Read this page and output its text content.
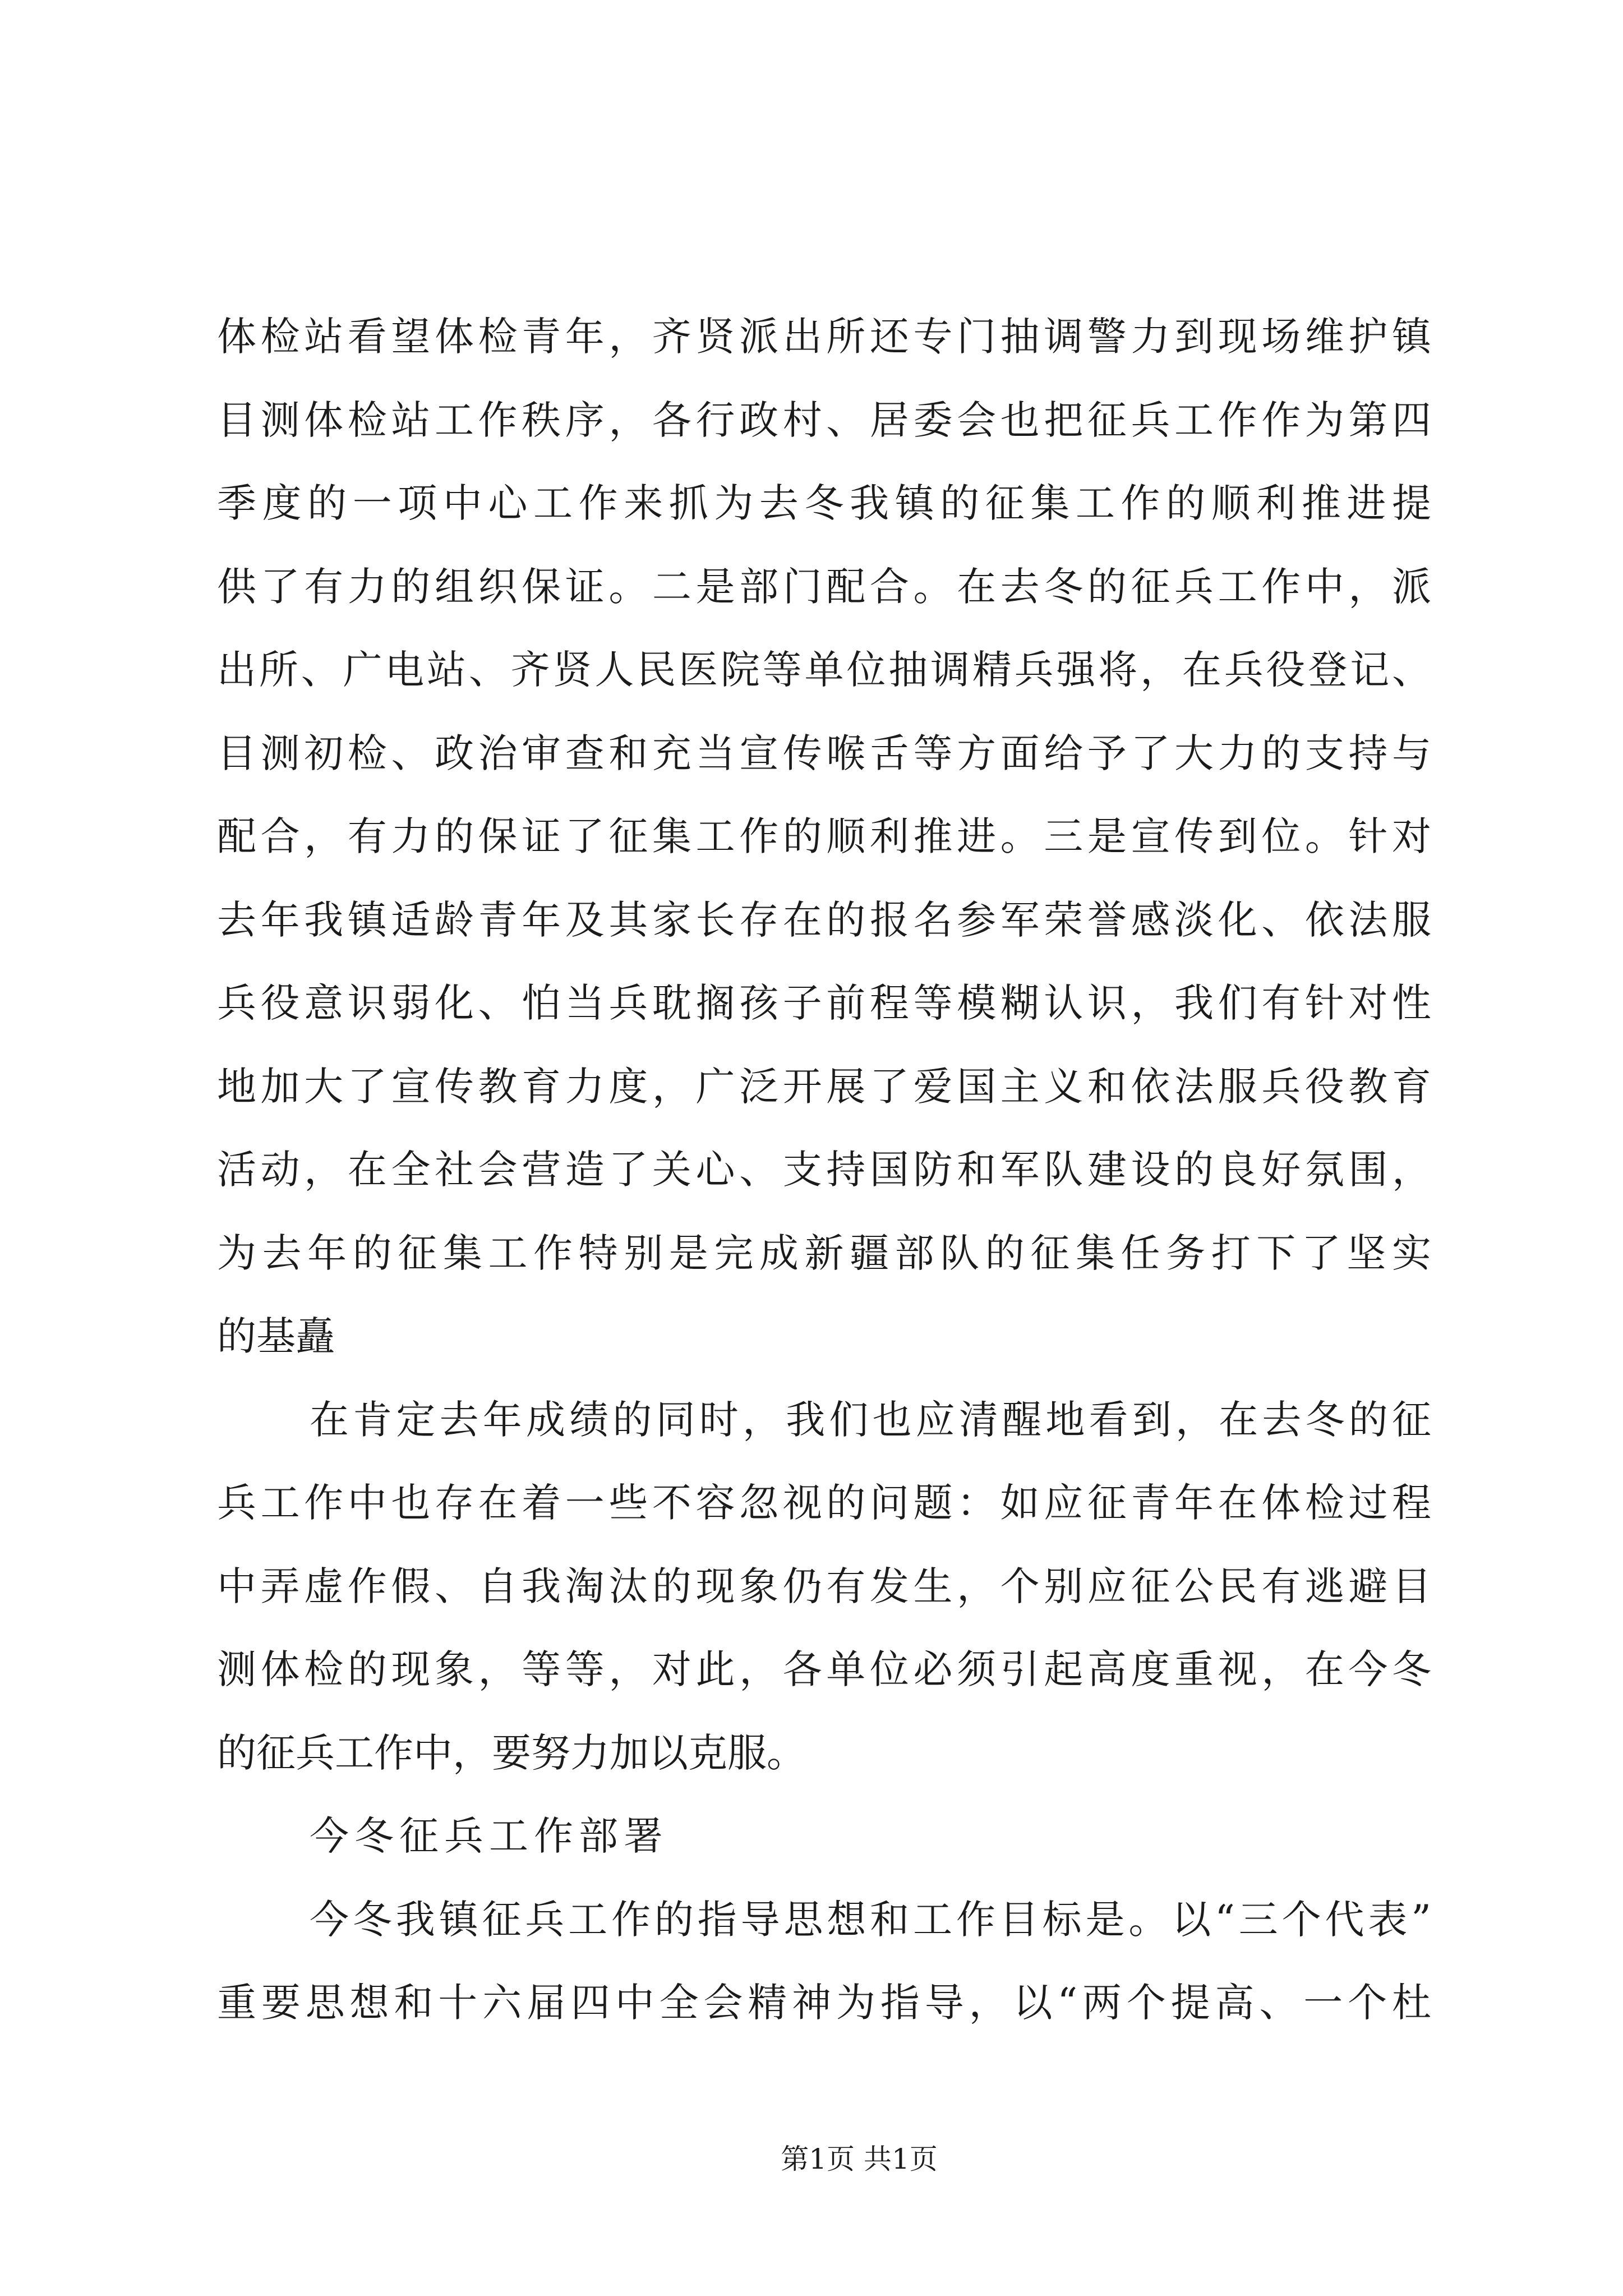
体检站看望体检青年，齐贤派出所还专门抽调警力到现场维护镇
目测体检站工作秩序，各行政村、居委会也把征兵工作作为第四
季度的一项中心工作来抓为去冬我镇的征集工作的顺利推进提
供了有力的组织保证。二是部门配合。在去冬的征兵工作中，派
出所、广电站、齐贤人民医院等单位抽调精兵强将，在兵役登记、
目测初检、政治审查和充当宣传喉舌等方面给予了大力的支持与
配合，有力的保证了征集工作的顺利推进。三是宣传到位。针对
去年我镇适龄青年及其家长存在的报名参军荣誉感淡化、依法服
兵役意识弱化、怕当兵耽搁孩子前程等模糊认识，我们有针对性
地加大了宣传教育力度，广泛开展了爱国主义和依法服兵役教育
活动，在全社会营造了关心、支持国防和军队建设的良好氛围，
为去年的征集工作特别是完成新疆部队的征集任务打下了坚实
的基矗
在肯定去年成绩的同时，我们也应清醒地看到，在去冬的征
兵工作中也存在着一些不容忽视的问题：如应征青年在体检过程
中弄虚作假、自我淘汰的现象仍有发生，个别应征公民有逃避目
测体检的现象，等等，对此，各单位必须引起高度重视，在今冬
的征兵工作中，要努力加以克服。
今冬征兵工作部署
今冬我镇征兵工作的指导思想和工作目标是。以“三个代表”
重要思想和十六届四中全会精神为指导，以“两个提高、一个杜
第1页 共1页
